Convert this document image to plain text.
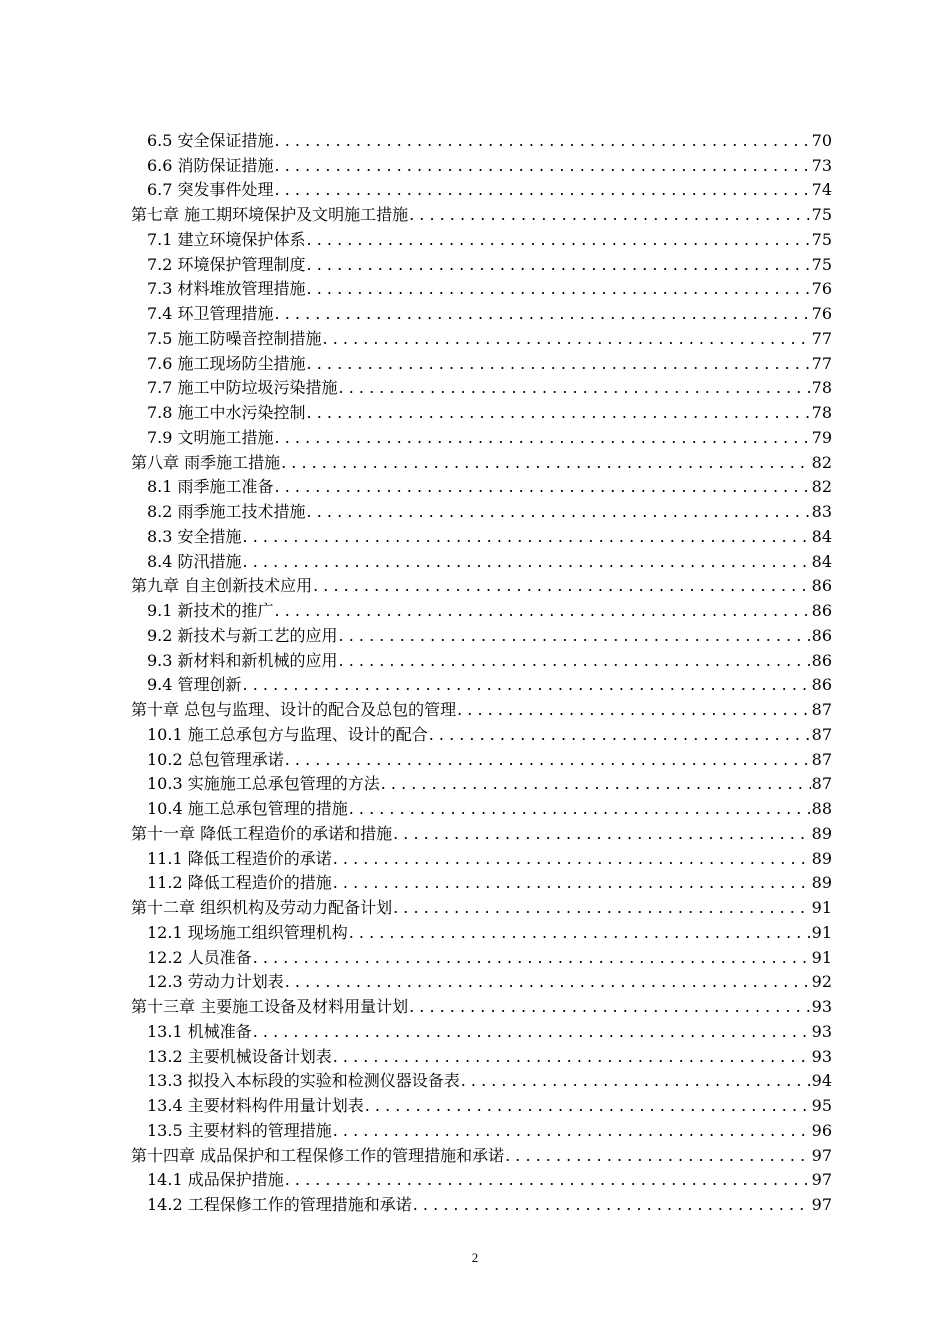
6.5 安全保证措施 . . .	70
6.6 消防保证措施 . . .	73
6.7 突发事件处理 . . .	74
第七章 施工期环境保护及文明施工措施 . . .	75
7.1 建立环境保护体系 . . .	75
7.2 环境保护管理制度 . . .	75
7.3 材料堆放管理措施 . . .	76
7.4 环卫管理措施 . . .	76
7.5 施工防噪音控制措施 . . .	77
7.6 施工现场防尘措施 . . .	77
7.7 施工中防垃圾污染措施 . . .	78
7.8 施工中水污染控制 . . .	78
7.9 文明施工措施 . . .	79
第八章 雨季施工措施 . . .	82
8.1 雨季施工准备 . . .	82
8.2 雨季施工技术措施 . . .	83
8.3 安全措施 . . .	84
8.4 防汛措施 . . .	84
第九章 自主创新技术应用 . . .	86
9.1 新技术的推广 . . .	86
9.2 新技术与新工艺的应用 . . .	86
9.3 新材料和新机械的应用 . . .	86
9.4 管理创新 . . .	86
第十章 总包与监理、设计的配合及总包的管理 . . .	87
10.1 施工总承包方与监理、设计的配合 . . .	87
10.2 总包管理承诺 . . .	87
10.3 实施施工总承包管理的方法 . . .	87
10.4 施工总承包管理的措施 . . .	88
第十一章 降低工程造价的承诺和措施 . . .	89
11.1 降低工程造价的承诺 . . .	89
11.2 降低工程造价的措施 . . .	89
第十二章 组织机构及劳动力配备计划 . . .	91
12.1 现场施工组织管理机构 . . .	91
12.2 人员准备 . . .	91
12.3 劳动力计划表 . . .	92
第十三章 主要施工设备及材料用量计划 . . .	93
13.1 机械准备 . . .	93
13.2 主要机械设备计划表 . . .	93
13.3 拟投入本标段的实验和检测仪器设备表 . . .	94
13.4 主要材料构件用量计划表 . . .	95
13.5 主要材料的管理措施 . . .	96
第十四章 成品保护和工程保修工作的管理措施和承诺 . . .	97
14.1 成品保护措施 . . .	97
14.2 工程保修工作的管理措施和承诺 . . .	97
2
